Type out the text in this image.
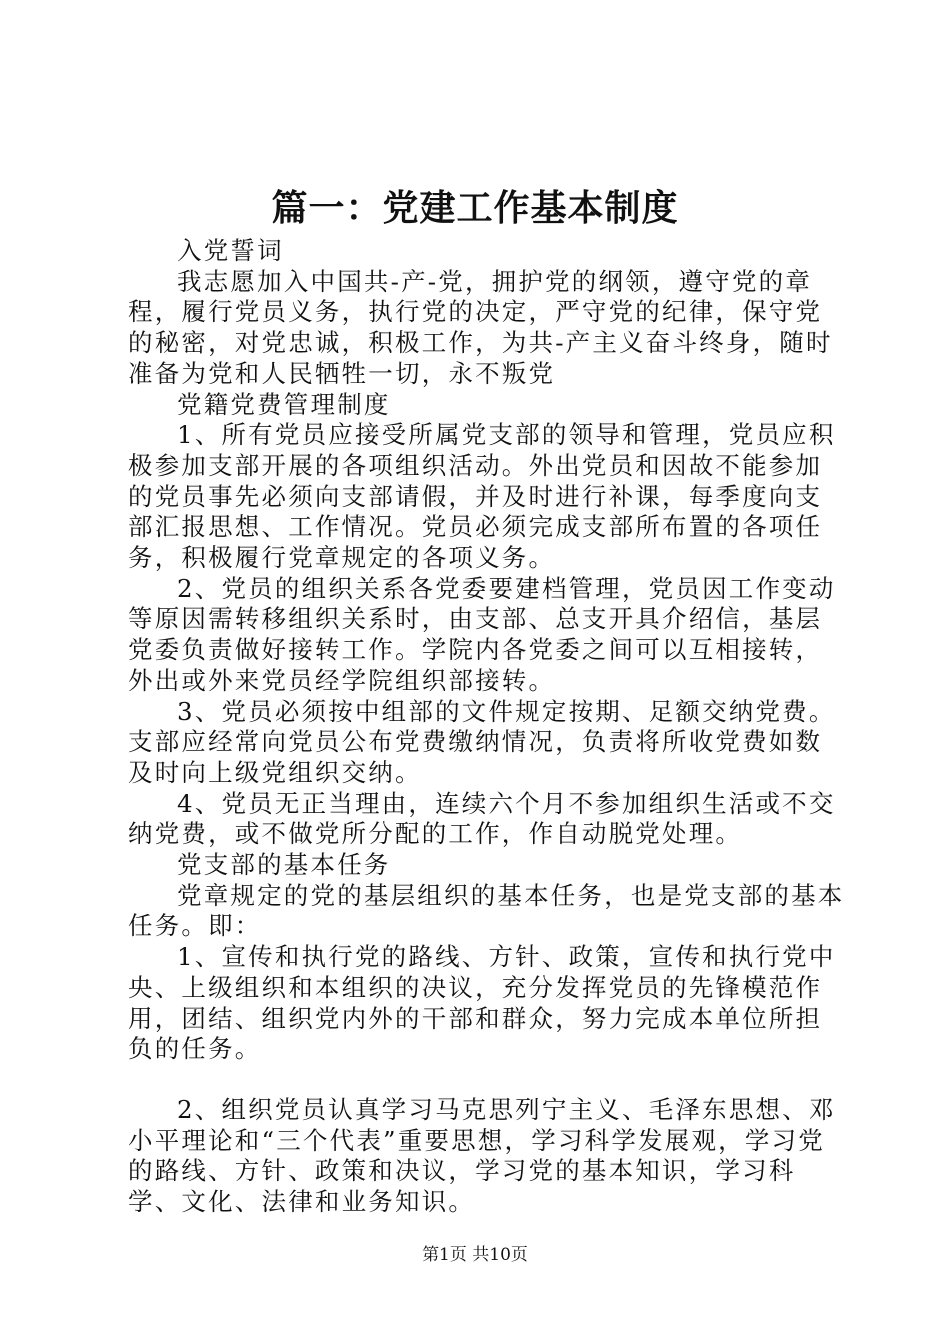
篇一：党建工作基本制度

入党誓词

我志愿加入中国共-产-党，拥护党的纲领，遵守党的章程，履行党员义务，执行党的决定，严守党的纪律，保守党的秘密，对党忠诚，积极工作，为共-产主义奋斗终身，随时准备为党和人民牺牲一切，永不叛党

党籍党费管理制度

1、所有党员应接受所属党支部的领导和管理，党员应积极参加支部开展的各项组织活动。外出党员和因故不能参加的党员事先必须向支部请假，并及时进行补课，每季度向支部汇报思想、工作情况。党员必须完成支部所布置的各项任务，积极履行党章规定的各项义务。

2、党员的组织关系各党委要建档管理，党员因工作变动等原因需转移组织关系时，由支部、总支开具介绍信，基层党委负责做好接转工作。学院内各党委之间可以互相接转，外出或外来党员经学院组织部接转。

3、党员必须按中组部的文件规定按期、足额交纳党费。支部应经常向党员公布党费缴纳情况，负责将所收党费如数及时向上级党组织交纳。

4、党员无正当理由，连续六个月不参加组织生活或不交纳党费，或不做党所分配的工作，作自动脱党处理。

党支部的基本任务

党章规定的党的基层组织的基本任务，也是党支部的基本任务。即：

1、宣传和执行党的路线、方针、政策，宣传和执行党中央、上级组织和本组织的决议，充分发挥党员的先锋模范作用，团结、组织党内外的干部和群众，努力完成本单位所担负的任务。

2、组织党员认真学习马克思列宁主义、毛泽东思想、邓小平理论和“三个代表”重要思想，学习科学发展观，学习党的路线、方针、政策和决议，学习党的基本知识，学习科学、文化、法律和业务知识。

第1页 共10页
